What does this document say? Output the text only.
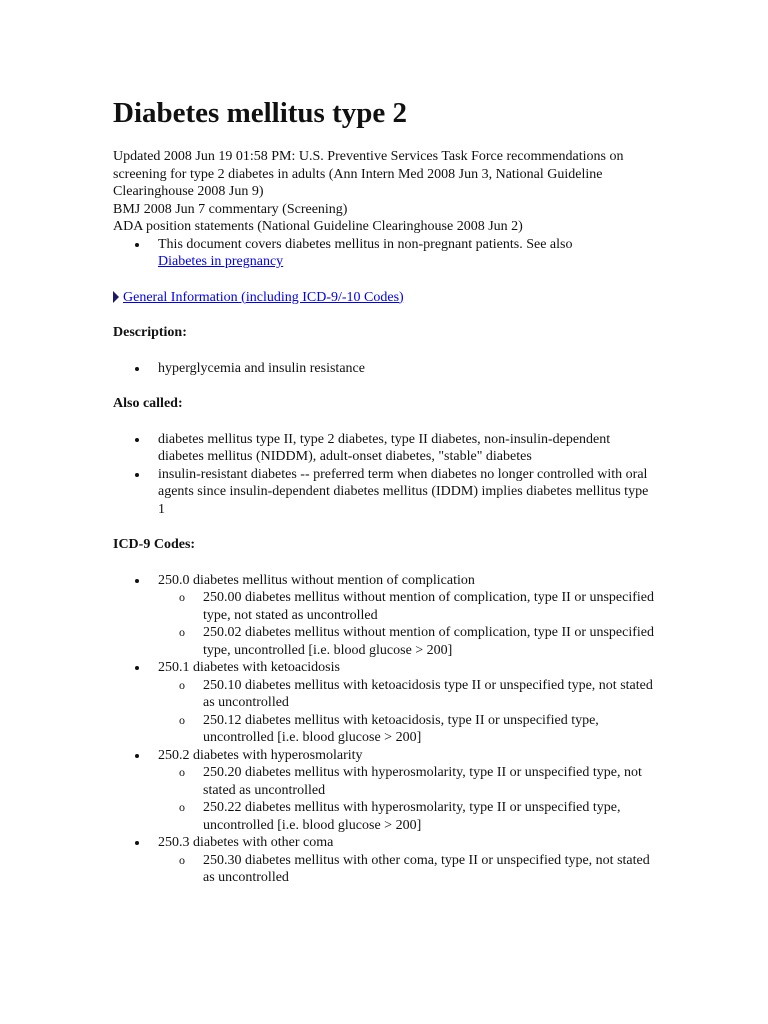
Diabetes mellitus type 2

Updated 2008 Jun 19 01:58 PM: U.S. Preventive Services Task Force recommendations on screening for type 2 diabetes in adults (Ann Intern Med 2008 Jun 3, National Guideline Clearinghouse 2008 Jun 9)

BMJ 2008 Jun 7 commentary (Screening)

ADA position statements (National Guideline Clearinghouse 2008 Jun 2)

This document covers diabetes mellitus in non-pregnant patients. See also
Diabetes in pregnancy
General Information (including ICD-9/-10 Codes)
Description:
hyperglycemia and insulin resistance
Also called:
diabetes mellitus type II, type 2 diabetes, type II diabetes, non-insulin-dependent diabetes mellitus (NIDDM), adult-onset diabetes, "stable" diabetes
insulin-resistant diabetes -- preferred term when diabetes no longer controlled with oral agents since insulin-dependent diabetes mellitus (IDDM) implies diabetes mellitus type 1
ICD-9 Codes:
250.0 diabetes mellitus without mention of complication
o 250.00 diabetes mellitus without mention of complication, type II or unspecified type, not stated as uncontrolled
o 250.02 diabetes mellitus without mention of complication, type II or unspecified type, uncontrolled [i.e. blood glucose > 200]
250.1 diabetes with ketoacidosis
o 250.10 diabetes mellitus with ketoacidosis type II or unspecified type, not stated as uncontrolled
o 250.12 diabetes mellitus with ketoacidosis, type II or unspecified type, uncontrolled [i.e. blood glucose > 200]
250.2 diabetes with hyperosmolarity
o 250.20 diabetes mellitus with hyperosmolarity, type II or unspecified type, not stated as uncontrolled
o 250.22 diabetes mellitus with hyperosmolarity, type II or unspecified type, uncontrolled [i.e. blood glucose > 200]
250.3 diabetes with other coma
o 250.30 diabetes mellitus with other coma, type II or unspecified type, not stated as uncontrolled
